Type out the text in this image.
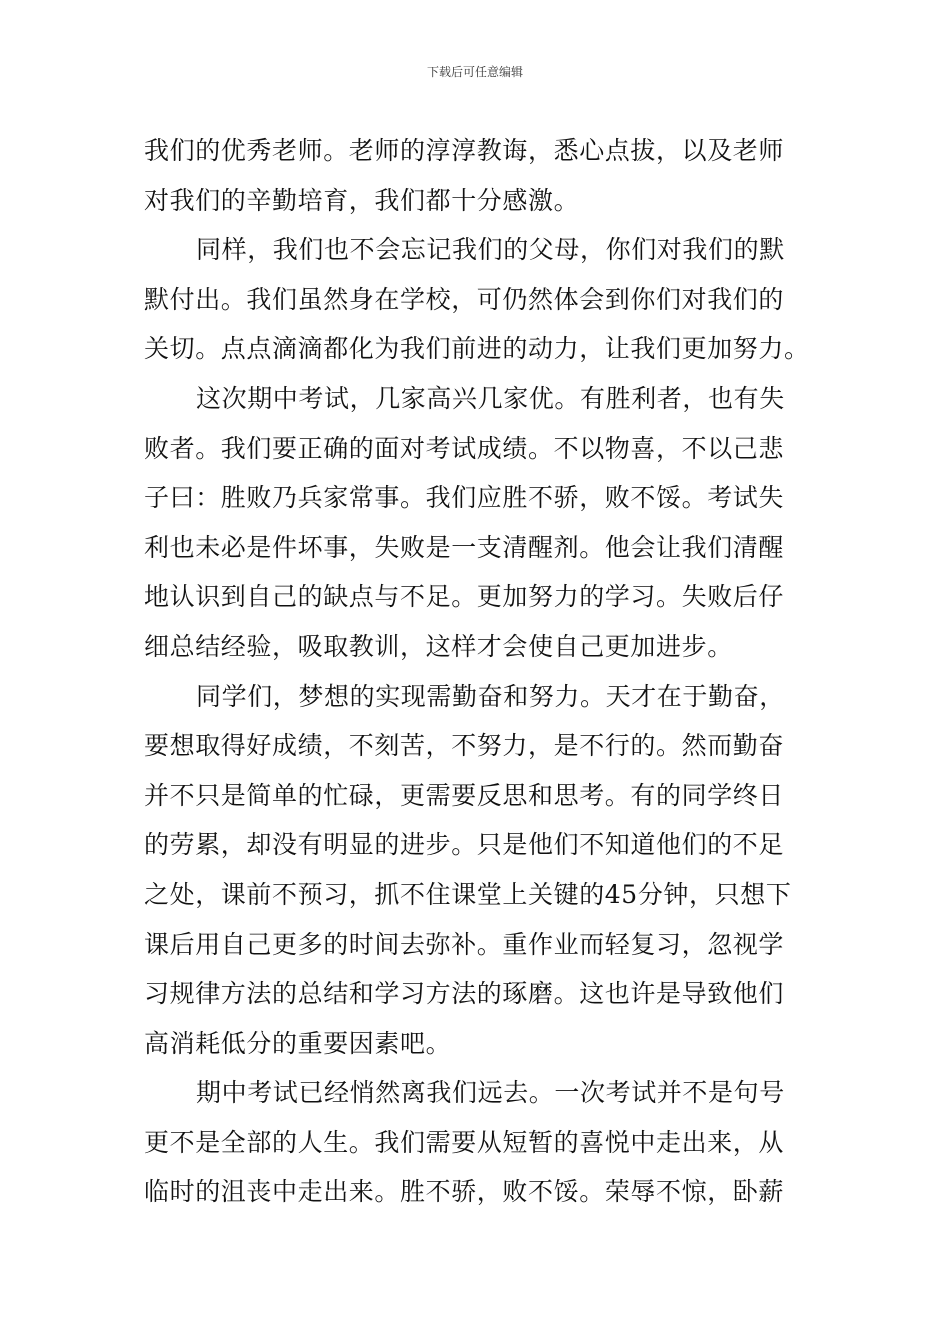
下载后可任意编辑
我们的优秀老师。老师的淳淳教诲，悉心点拔，以及老师
对我们的辛勤培育，我们都十分感激。
同样，我们也不会忘记我们的父母，你们对我们的默
默付出。我们虽然身在学校，可仍然体会到你们对我们的
关切。点点滴滴都化为我们前进的动力，让我们更加努力。
这次期中考试，几家高兴几家优。有胜利者，也有失
败者。我们要正确的面对考试成绩。不以物喜，不以己悲
子曰：胜败乃兵家常事。我们应胜不骄，败不馁。考试失
利也未必是件坏事，失败是一支清醒剂。他会让我们清醒
地认识到自己的缺点与不足。更加努力的学习。失败后仔
细总结经验，吸取教训，这样才会使自己更加进步。
同学们，梦想的实现需勤奋和努力。天才在于勤奋，
要想取得好成绩，不刻苦，不努力，是不行的。然而勤奋
并不只是简单的忙碌，更需要反思和思考。有的同学终日
的劳累，却没有明显的进步。只是他们不知道他们的不足
之处，课前不预习，抓不住课堂上关键的45分钟，只想下
课后用自己更多的时间去弥补。重作业而轻复习，忽视学
习规律方法的总结和学习方法的琢磨。这也许是导致他们
高消耗低分的重要因素吧。
期中考试已经悄然离我们远去。一次考试并不是句号
更不是全部的人生。我们需要从短暂的喜悦中走出来，从
临时的沮丧中走出来。胜不骄，败不馁。荣辱不惊，卧薪
